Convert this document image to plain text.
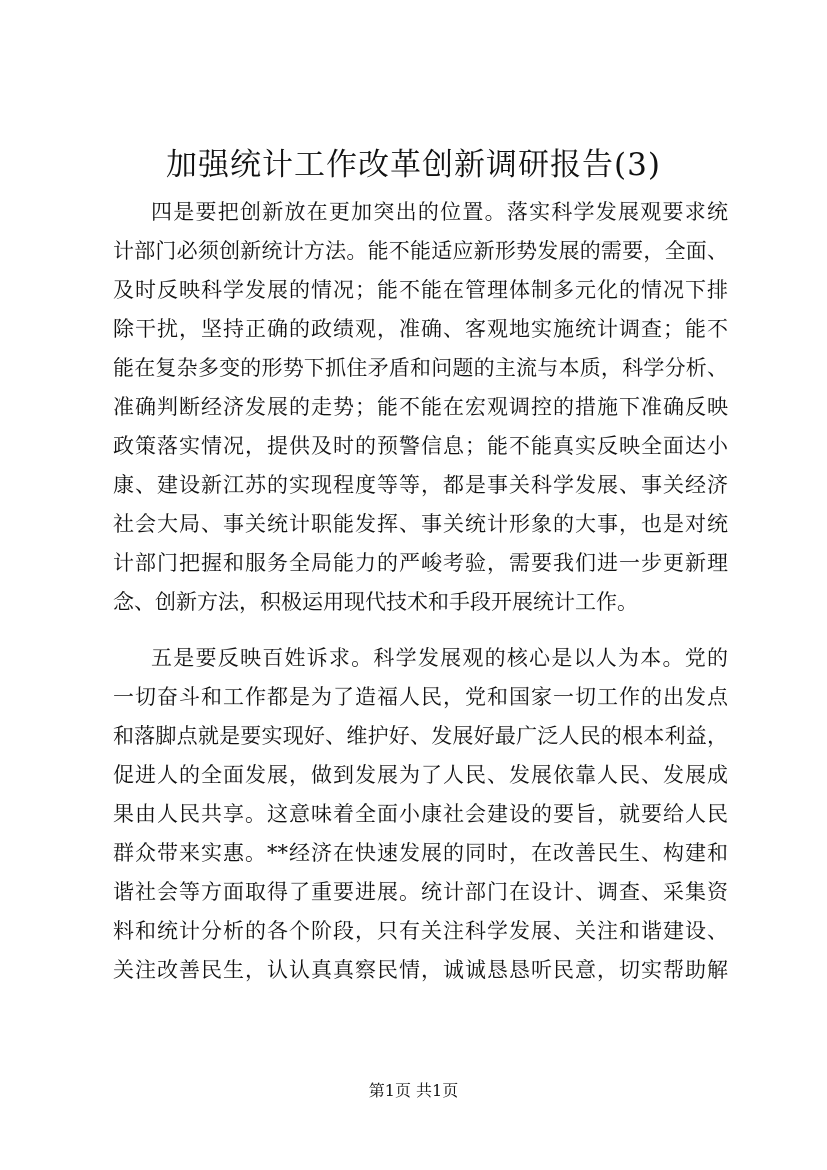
加强统计工作改革创新调研报告(3)
四是要把创新放在更加突出的位置。落实科学发展观要求统
计部门必须创新统计方法。能不能适应新形势发展的需要，全面、
及时反映科学发展的情况；能不能在管理体制多元化的情况下排
除干扰，坚持正确的政绩观，准确、客观地实施统计调查；能不
能在复杂多变的形势下抓住矛盾和问题的主流与本质，科学分析、
准确判断经济发展的走势；能不能在宏观调控的措施下准确反映
政策落实情况，提供及时的预警信息；能不能真实反映全面达小
康、建设新江苏的实现程度等等，都是事关科学发展、事关经济
社会大局、事关统计职能发挥、事关统计形象的大事，也是对统
计部门把握和服务全局能力的严峻考验，需要我们进一步更新理
念、创新方法，积极运用现代技术和手段开展统计工作。
五是要反映百姓诉求。科学发展观的核心是以人为本。党的
一切奋斗和工作都是为了造福人民，党和国家一切工作的出发点
和落脚点就是要实现好、维护好、发展好最广泛人民的根本利益，
促进人的全面发展，做到发展为了人民、发展依靠人民、发展成
果由人民共享。这意味着全面小康社会建设的要旨，就要给人民
群众带来实惠。**经济在快速发展的同时，在改善民生、构建和
谐社会等方面取得了重要进展。统计部门在设计、调查、采集资
料和统计分析的各个阶段，只有关注科学发展、关注和谐建设、
关注改善民生，认认真真察民情，诚诚恳恳听民意，切实帮助解
第1页 共1页
